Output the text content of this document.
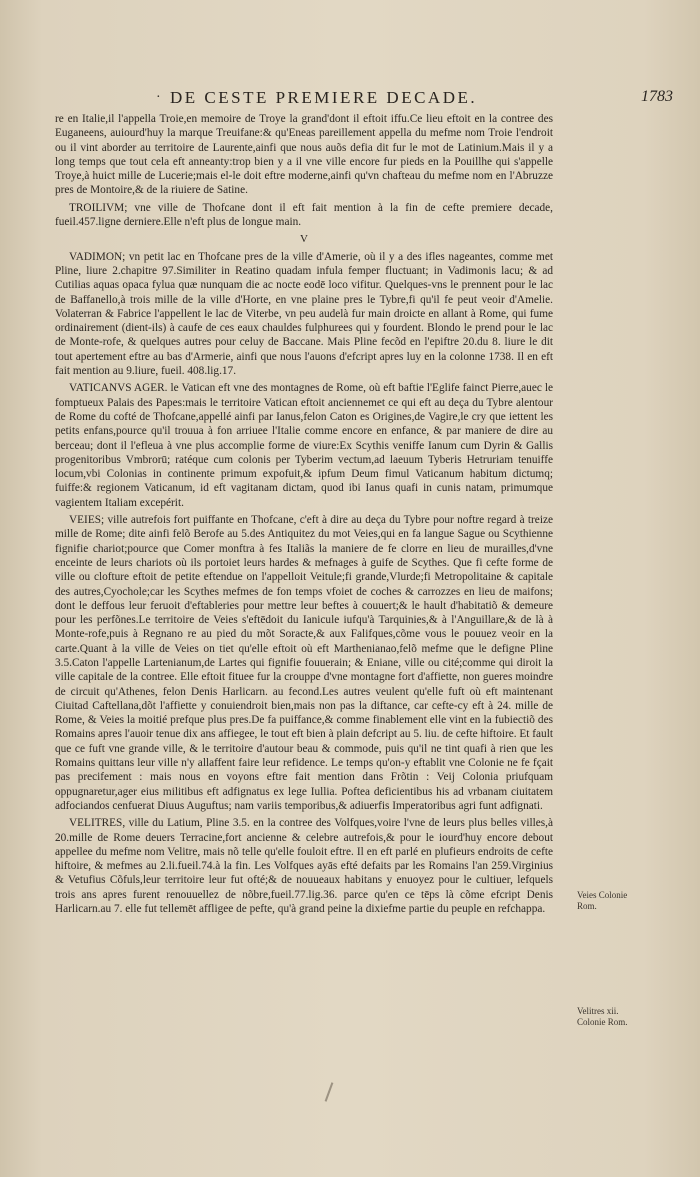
· DE CESTE PREMIERE DECADE.	1783

re en Italie,il l'appella Troie,en memoire de Troye la grand'dont il eftoit iffu.Ce lieu eftoit en la contree des Euganeens, auiourd'huy la marque Treuifane:& qu'Eneas pareillement appella du mefme nom Troie l'endroit ou il vint aborder au territoire de Laurente,ainfi que nous auõs defia dit fur le mot de Latinium.Mais il y a long temps que tout cela eft anneanty:trop bien y a il vne ville encore fur pieds en la Pouillhe qui s'appelle Troye,à huict mille de Lucerie;mais el-le doit eftre moderne,ainfi qu'vn chafteau du mefme nom en l'Abruzze pres de Montoire,& de la riuiere de Satine.

TROILIVM; vne ville de Thofcane dont il eft fait mention à la fin de cefte premiere decade, fueil.457.ligne derniere.Elle n'eft plus de longue main.

V

VADIMON; vn petit lac en Thofcane pres de la ville d'Amerie, où il y a des ifles nageantes, comme met Pline, liure 2.chapitre 97.Similiter in Reatino quadam infula femper fluctuant; in Vadimonis lacu; & ad Cutilias aquas opaca fylua quæ nunquam die ac nocte eodē loco vifitur. Quelques-vns le prennent pour le lac de Baffanello,à trois mille de la ville d'Horte, en vne plaine pres le Tybre,fi qu'il fe peut veoir d'Amelie. Volaterran & Fabrice l'appellent le lac de Viterbe, vn peu audelà fur main droicte en allant à Rome, qui fume ordinairement (dient-ils) à caufe de ces eaux chauldes fulphurees qui y fourdent. Blondo le prend pour le lac de Monte-rofe, & quelques autres pour celuy de Baccane. Mais Pline fecõd en l'epiftre 20.du 8. liure le dit tout apertement eftre au bas d'Armerie, ainfi que nous l'auons d'efcript apres luy en la colonne 1738. Il en eft fait mention au 9.liure, fueil. 408.lig.17.

VATICANVS AGER. le Vatican eft vne des montagnes de Rome, où eft baftie l'Eglife fainct Pierre,auec le fomptueux Palais des Papes:mais le territoire Vatican eftoit anciennemet ce qui eft au deça du Tybre alentour de Rome du cofté de Thofcane,appellé ainfi par Ianus,felon Caton es Origines,de Vagire,le cry que iettent les petits enfans,pource qu'il trouua à fon arriuee l'Italie comme encore en enfance, & par maniere de dire au berceau; dont il l'efleua à vne plus accomplie forme de viure:Ex Scythis veniffe Ianum cum Dyrin & Gallis progenitoribus Vmbrorū; ratéque cum colonis per Tyberim vectum,ad laeuum Tyberis Hetruriam tenuiffe locum,vbi Colonias in continente primum expofuit,& ipfum Deum fimul Vaticanum habitum dictumq; fuiffe:& regionem Vaticanum, id eft vagitanam dictam, quod ibi Ianus quafi in cunis natam, primumque vagientem Italiam excepérit.

VEIES; ville autrefois fort puiffante en Thofcane, c'eft à dire au deça du Tybre pour noftre regard à treize mille de Rome; dite ainfi felõ Berofe au 5.des Antiquitez du mot Veies,qui en fa langue Sague ou Scythienne fignifie chariot;pource que Comer monftra à fes Italiãs la maniere de fe clorre en lieu de murailles,d'vne enceinte de leurs chariots où ils portoiet leurs hardes & mefnages à guife de Scythes. Que fi cefte forme de ville ou clofture eftoit de petite eftendue on l'appelloit Veitule;fi grande,Vlurde;fi Metropolitaine & capitale des autres,Cyochole;car les Scythes mefmes de fon temps vfoiet de coches & carrozzes en lieu de maifons; dont le deffous leur feruoit d'eftableries pour mettre leur beftes à couuert;& le hault d'habitatiõ & demeure pour les perfõnes.Le territoire de Veies s'eftēdoit du Ianicule iufqu'à Tarquinies,& à l'Anguillare,& de là à Monte-rofe,puis à Regnano re au pied du mõt Soracte,& aux Falifques,cõme vous le pouuez veoir en la carte.Quant à la ville de Veies on tiet qu'elle eftoit où eft Marthenianao,felõ mefme que le defigne Pline 3.5.Caton l'appelle Lartenianum,de Lartes qui fignifie fouuerain; & Eniane, ville ou cité;comme qui diroit la ville capitale de la contree. Elle eftoit fituee fur la crouppe d'vne montagne fort d'affiette, non gueres moindre de circuit qu'Athenes, felon Denis Harlicarn. au fecond.Les autres veulent qu'elle fuft où eft maintenant Ciuitad Caftellana,dõt l'affiette y conuiendroit bien,mais non pas la diftance, car cefte-cy eft à 24. mille de Rome, & Veies la moitié prefque plus pres.De fa puiffance,& comme finablement elle vint en la fubiectiõ des Romains apres l'auoir tenue dix ans affiegee, le tout eft bien à plain defcript au 5. liu. de cefte hiftoire. Et fault que ce fuft vne grande ville, & le territoire d'autour beau & commode, puis qu'il ne tint quafi à rien que les Romains quittans leur ville n'y allaffent faire leur refidence. Le temps qu'on-y eftablit vne Colonie ne fe fçait pas precifement : mais nous en voyons eftre fait mention dans Frõtin : Veij Colonia priufquam oppugnaretur,ager eius militibus eft adfignatus ex lege Iullia. Poftea deficientibus his ad vrbanam ciuitatem adfociandos cenfuerat Diuus Auguftus; nam variis temporibus,& adiuerfis Imperatoribus agri funt adfignati.

VELITRES, ville du Latium, Pline 3.5. en la contree des Volfques,voire l'vne de leurs plus belles villes,à 20.mille de Rome deuers Terracine,fort ancienne & celebre autrefois,& pour le iourd'huy encore debout appellee du mefme nom Velitre, mais nõ telle qu'elle fouloit eftre. Il en eft parlé en plufieurs endroits de cefte hiftoire, & mefmes au 2.li.fueil.74.à la fin. Les Volfques ayās efté defaits par les Romains l'an 259.Virginius & Vetufius Cõfuls,leur territoire leur fut ofté;& de nouueaux habitans y enuoyez pour le cultiuer, lefquels trois ans apres furent renouuellez de nõbre,fueil.77.lig.36. parce qu'en ce tēps là cõme efcript Denis Harlicarn.au 7. elle fut tellemēt affligee de pefte, qu'à grand peine la dixiefme partie du peuple en refchappa.

Veies Colonie Rom.
Velitres xii. Colonie Rom.
